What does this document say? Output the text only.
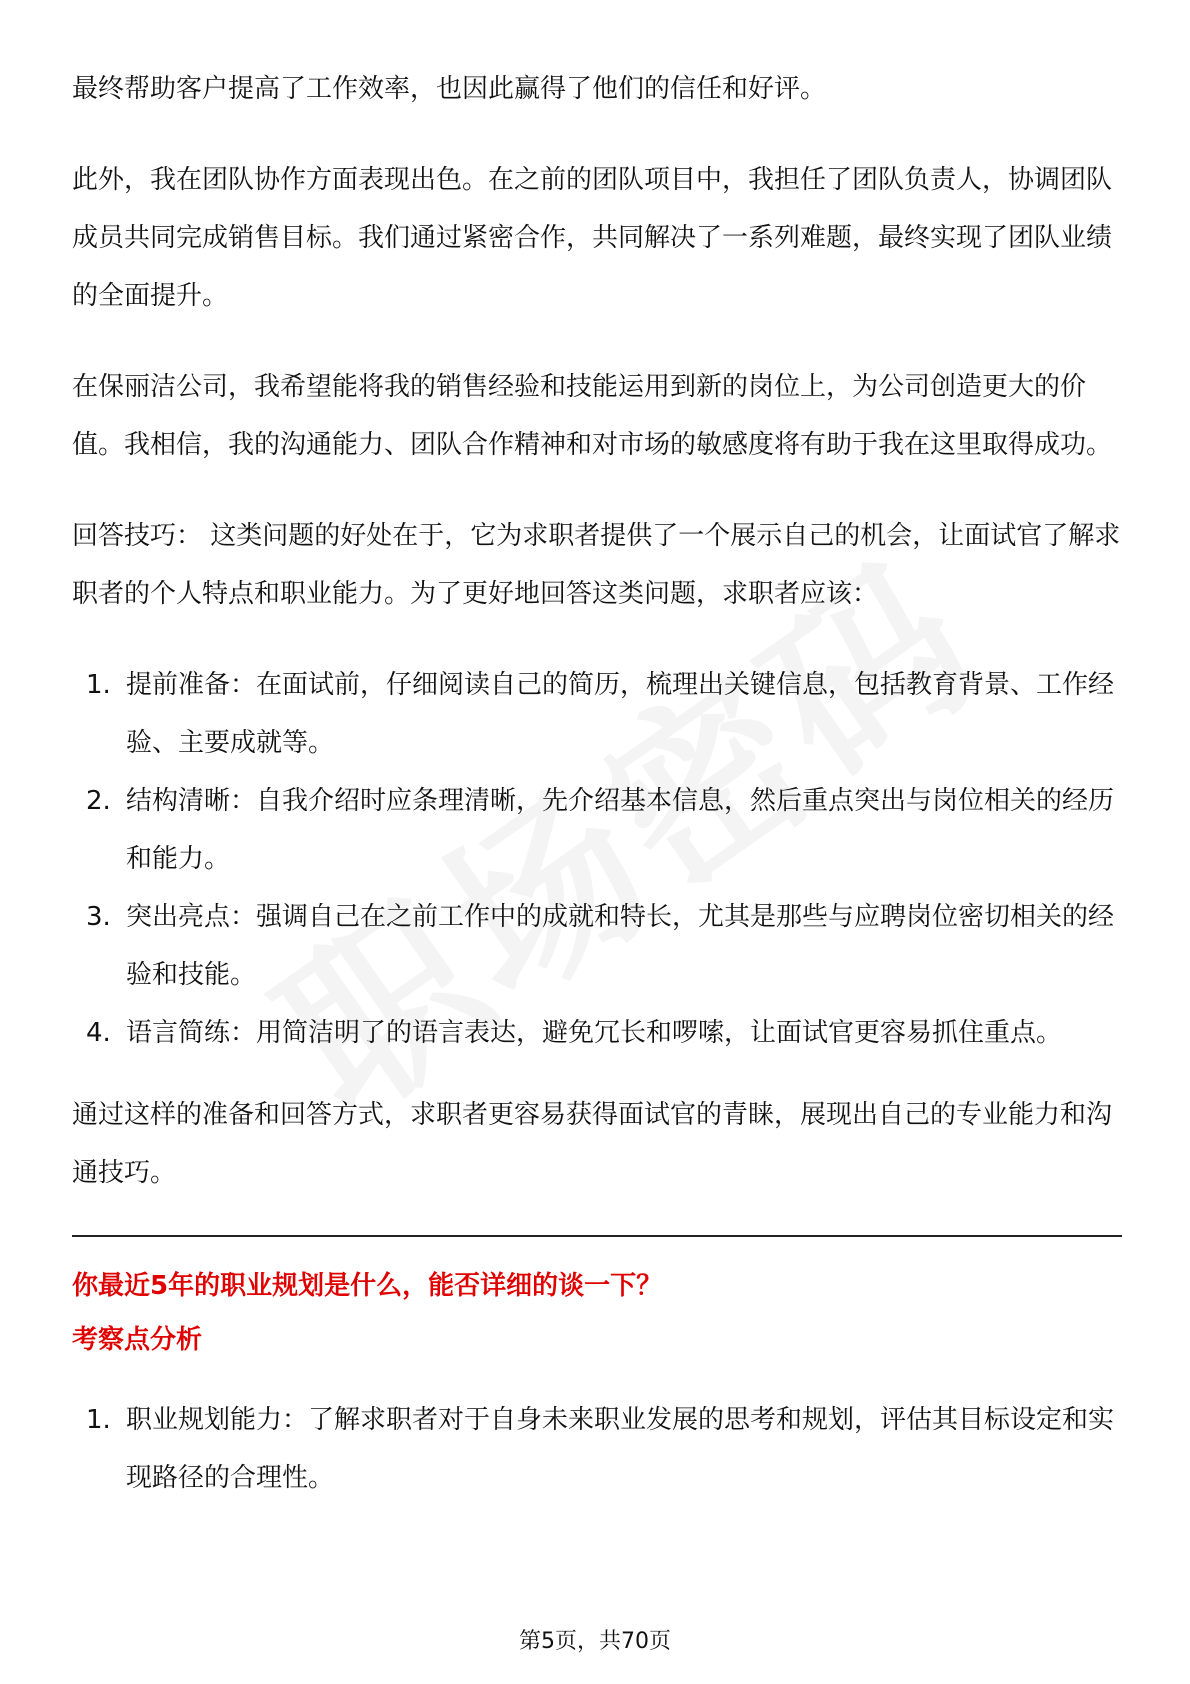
最终帮助客户提高了工作效率，也因此赢得了他们的信任和好评。

此外，我在团队协作方面表现出色。在之前的团队项目中，我担任了团队负责人，协调团队成员共同完成销售目标。我们通过紧密合作，共同解决了一系列难题，最终实现了团队业绩的全面提升。

在保丽洁公司，我希望能将我的销售经验和技能运用到新的岗位上，为公司创造更大的价值。我相信，我的沟通能力、团队合作精神和对市场的敏感度将有助于我在这里取得成功。

回答技巧： 这类问题的好处在于，它为求职者提供了一个展示自己的机会，让面试官了解求职者的个人特点和职业能力。为了更好地回答这类问题，求职者应该：

1. 提前准备：在面试前，仔细阅读自己的简历，梳理出关键信息，包括教育背景、工作经验、主要成就等。
2. 结构清晰：自我介绍时应条理清晰，先介绍基本信息，然后重点突出与岗位相关的经历和能力。
3. 突出亮点：强调自己在之前工作中的成就和特长，尤其是那些与应聘岗位密切相关的经验和技能。
4. 语言简练：用简洁明了的语言表达，避免冗长和啰嗦，让面试官更容易抓住重点。

通过这样的准备和回答方式，求职者更容易获得面试官的青睐，展现出自己的专业能力和沟通技巧。

你最近5年的职业规划是什么，能否详细的谈一下？
考察点分析
1. 职业规划能力：了解求职者对于自身未来职业发展的思考和规划，评估其目标设定和实现路径的合理性。
第5页，共70页
